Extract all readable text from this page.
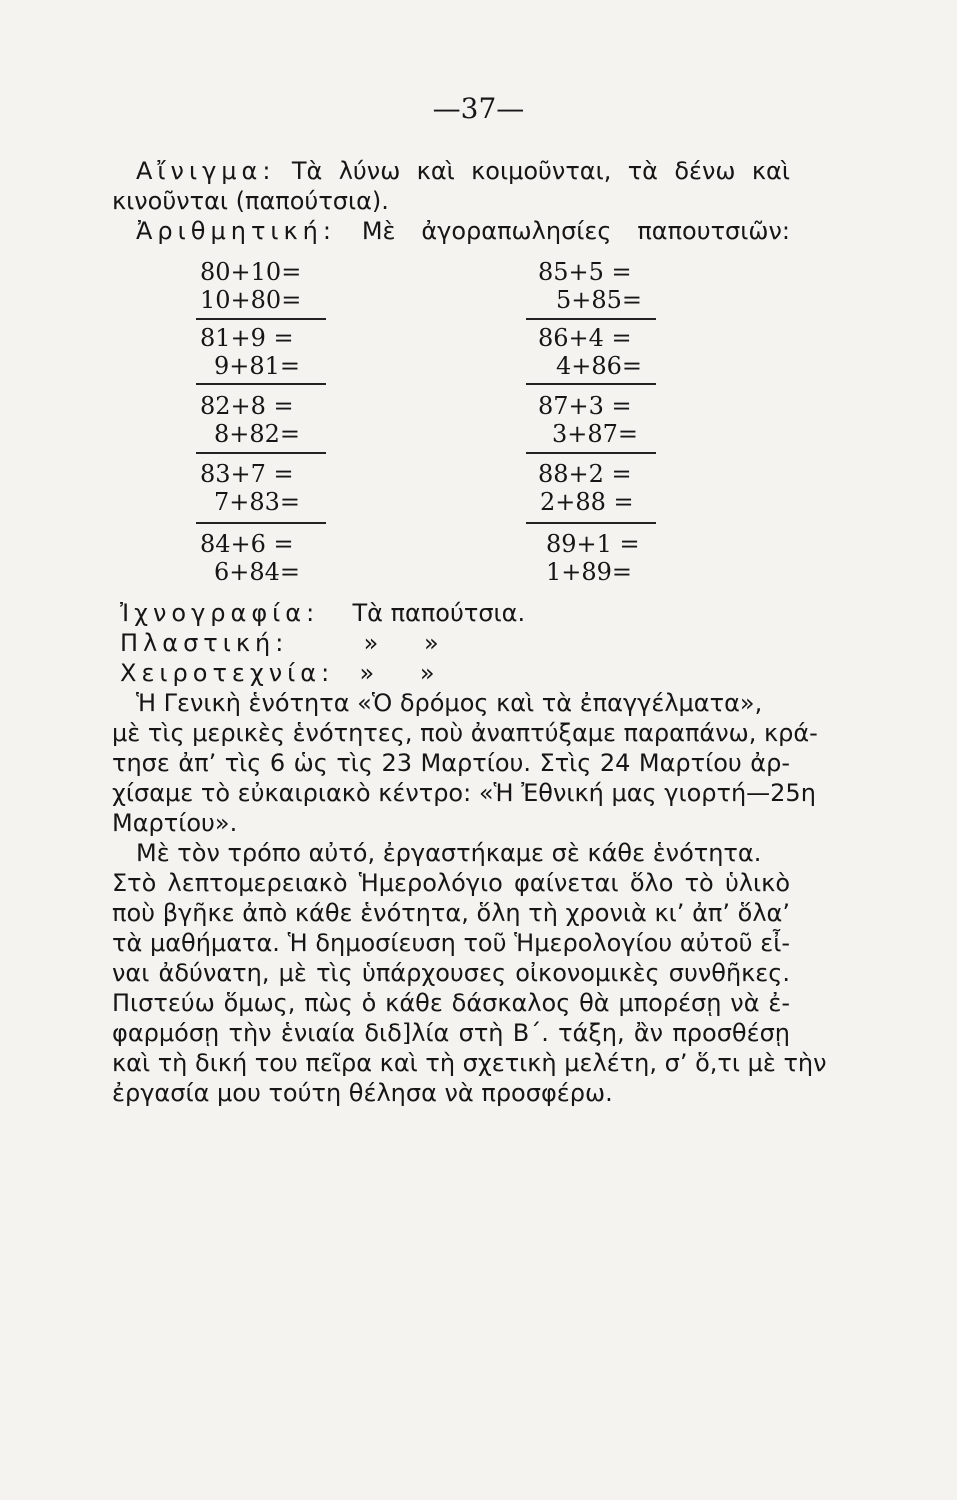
—37—
Αἴνιγμα: Τὰ λύνω καὶ κοιμοῦνται, τὰ δένω καὶ
κινοῦνται (παπούτσια).
Ἀριθμητική: Μὲ ἀγοραπωλησίες παπουτσιῶν:
80+10=
10+80=
81+9 =
9+81=
82+8 =
8+82=
83+7 =
7+83=
84+6 =
6+84=
85+5 =
5+85=
86+4 =
4+86=
87+3 =
3+87=
88+2 =
2+88 =
89+1 =
1+89=
Ἰχνογραφία: Τὰ παπούτσια.
Πλαστική:	»      »
Χειροτεχνία: »      »
Ἡ Γενικὴ ἑνότητα «Ὁ δρόμος καὶ τὰ ἐπαγγέλματα»,
μὲ τὶς μερικὲς ἑνότητες, ποὺ ἀναπτύξαμε παραπάνω, κρά-
τησε ἀπ’ τὶς 6 ὡς τὶς 23 Μαρτίου. Στὶς 24 Μαρτίου ἀρ-
χίσαμε τὸ εὐκαιριακὸ κέντρο: «Ἡ Ἐθνική μας γιορτή—25η
Μαρτίου».
Μὲ τὸν τρόπο αὐτό, ἐργαστήκαμε σὲ κάθε ἑνότητα.
Στὸ λεπτομερειακὸ Ἡμερολόγιο φαίνεται ὅλο τὸ ὑλικὸ
ποὺ βγῆκε ἀπὸ κάθε ἑνότητα, ὅλη τὴ χρονιὰ κι’ ἀπ’ ὅλα’
τὰ μαθήματα. Ἡ δημοσίευση τοῦ Ἡμερολογίου αὐτοῦ εἶ-
ναι ἀδύνατη, μὲ τὶς ὑπάρχουσες οἰκονομικὲς συνθῆκες.
Πιστεύω ὅμως, πὼς ὁ κάθε δάσκαλος θὰ μπορέσῃ νὰ ἐ-
φαρμόσῃ τὴν ἑνιαία διδ]λία στὴ Β΄. τάξη, ἂν προσθέσῃ
καὶ τὴ δική του πεῖρα καὶ τὴ σχετικὴ μελέτη, σ’ ὅ,τι μὲ τὴν
ἐργασία μου τούτη θέλησα νὰ προσφέρω.
